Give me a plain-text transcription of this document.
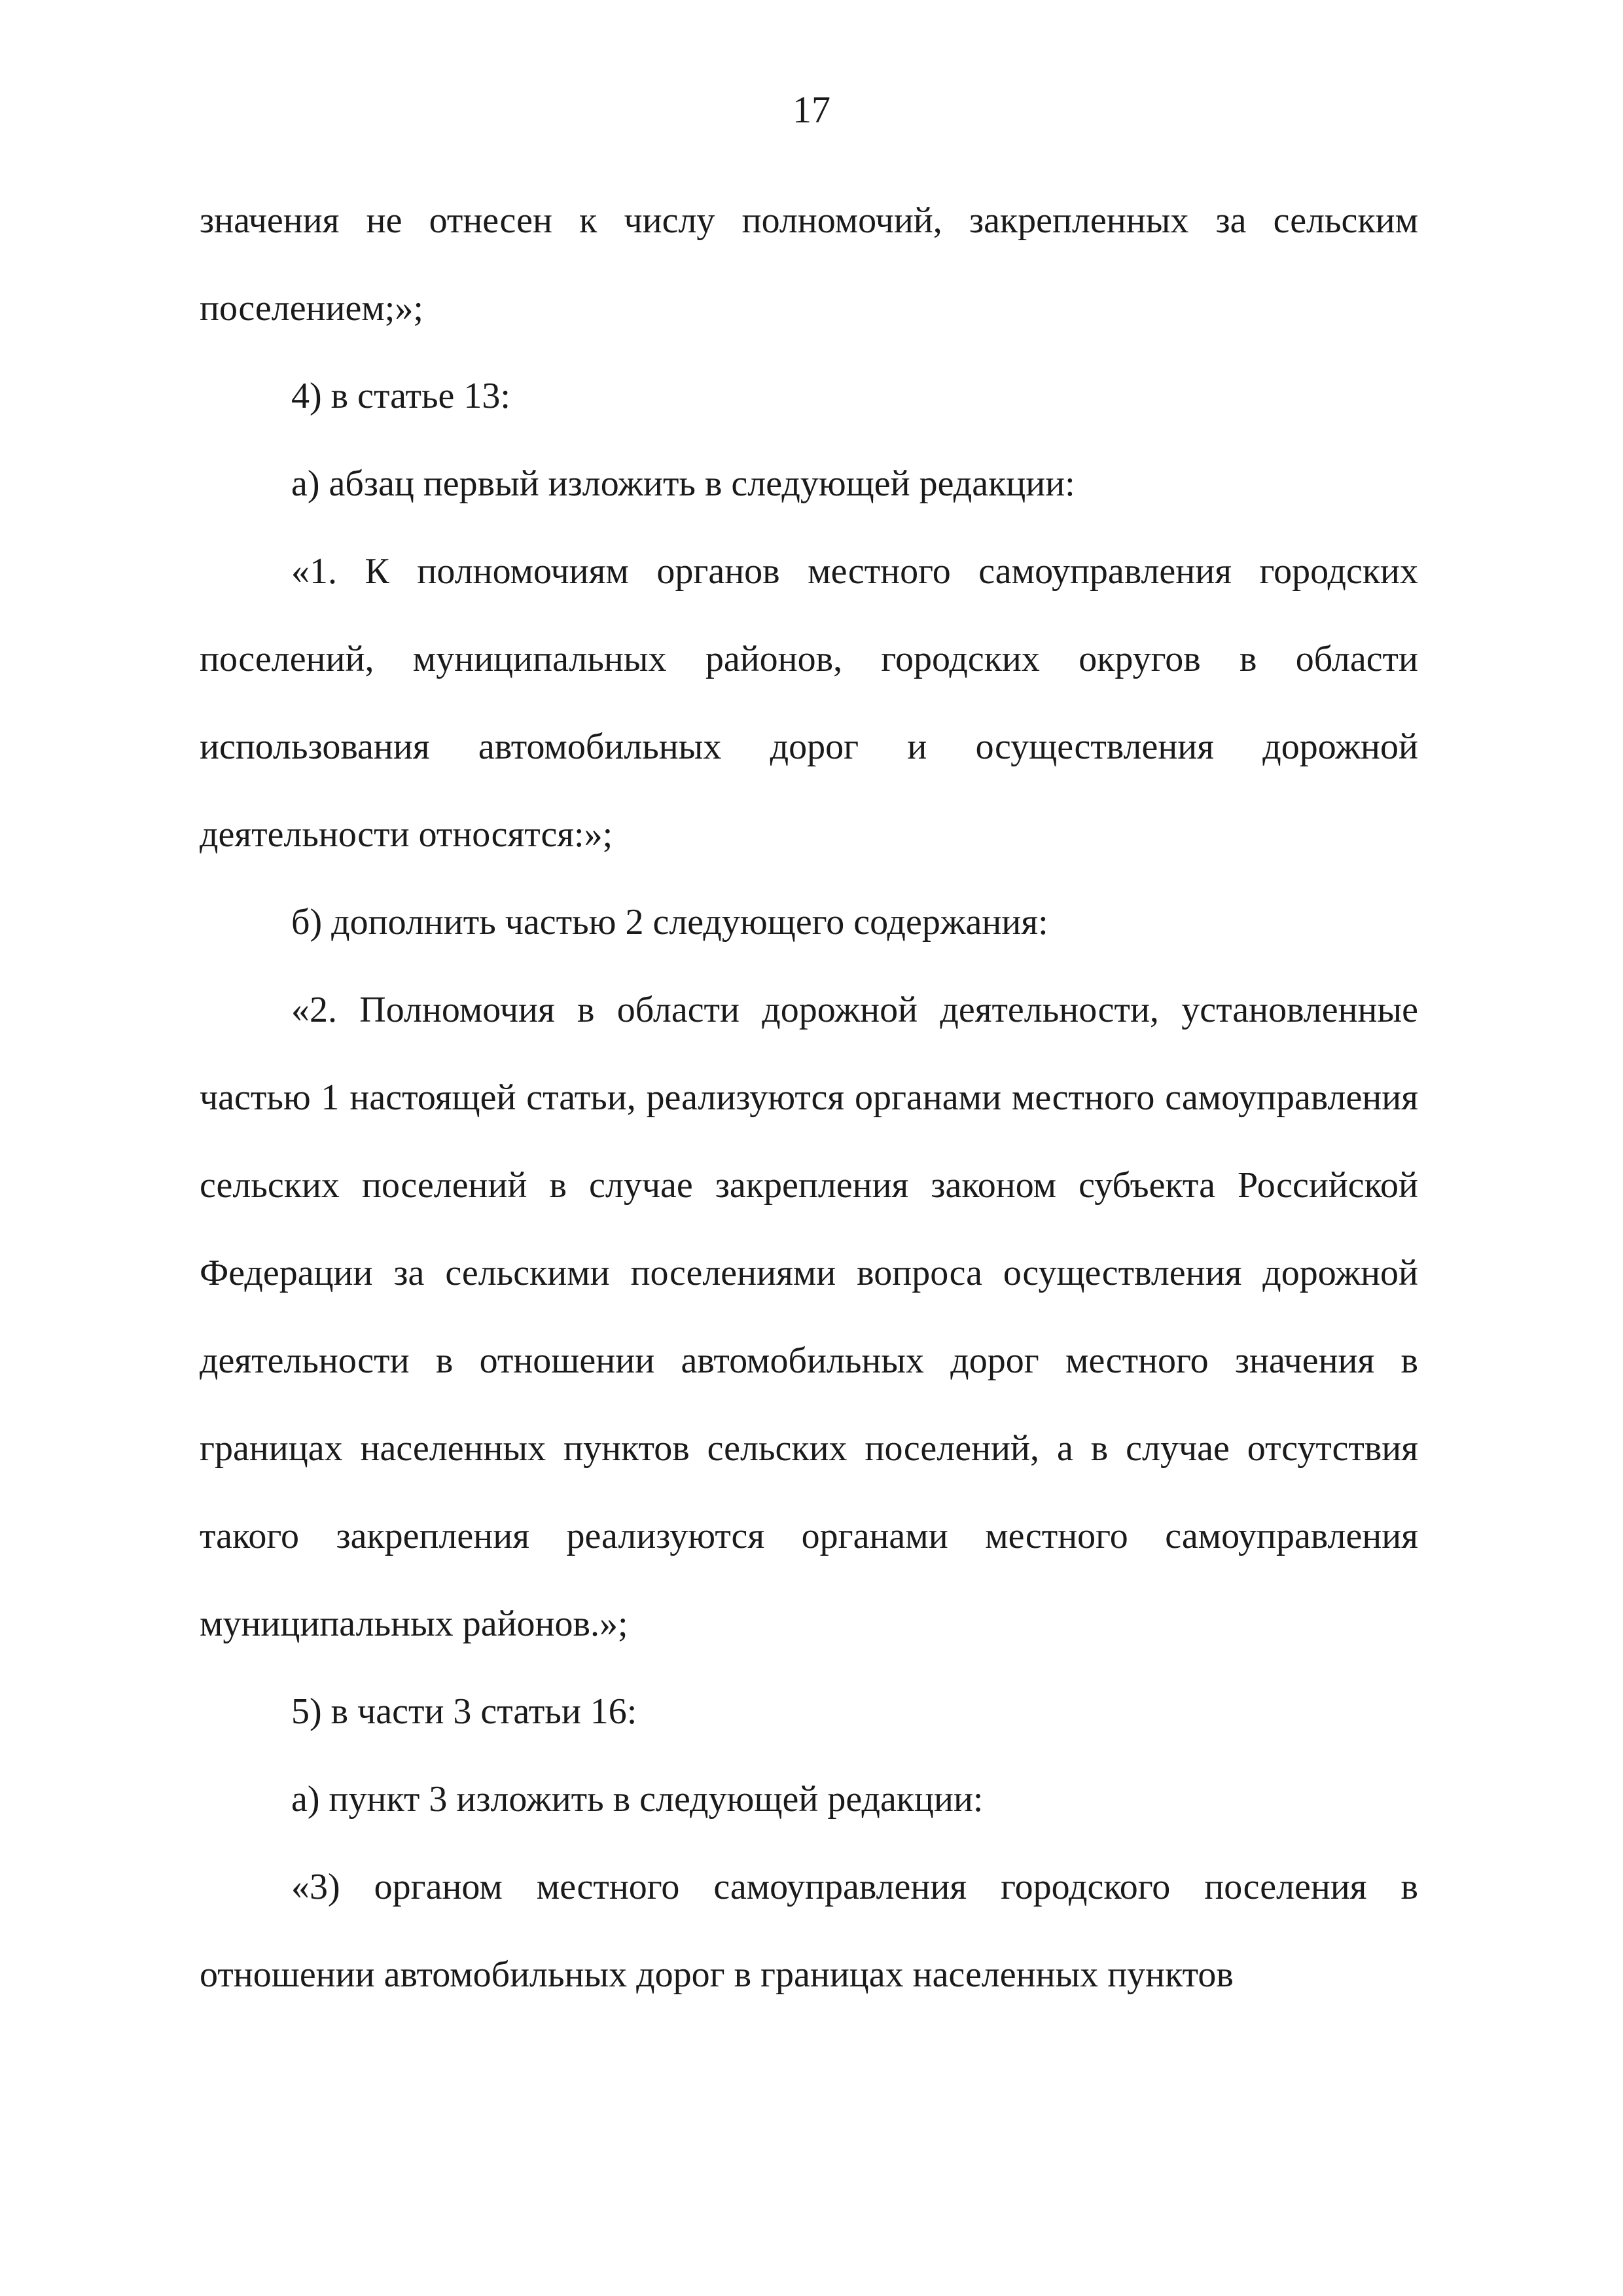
17

значения не отнесен к числу полномочий, закрепленных за сельским поселением;»;

4) в статье 13:

а) абзац первый изложить в следующей редакции:

«1. К полномочиям органов местного самоуправления городских поселений, муниципальных районов, городских округов в области использования автомобильных дорог и осуществления дорожной деятельности относятся:»;

б) дополнить частью 2 следующего содержания:

«2. Полномочия в области дорожной деятельности, установленные частью 1 настоящей статьи, реализуются органами местного самоуправления сельских поселений в случае закрепления законом субъекта Российской Федерации за сельскими поселениями вопроса осуществления дорожной деятельности в отношении автомобильных дорог местного значения в границах населенных пунктов сельских поселений, а в случае отсутствия такого закрепления реализуются органами местного самоуправления муниципальных районов.»;

5) в части 3 статьи 16:

а) пункт 3 изложить в следующей редакции:

«3) органом местного самоуправления городского поселения в отношении автомобильных дорог в границах населенных пунктов
